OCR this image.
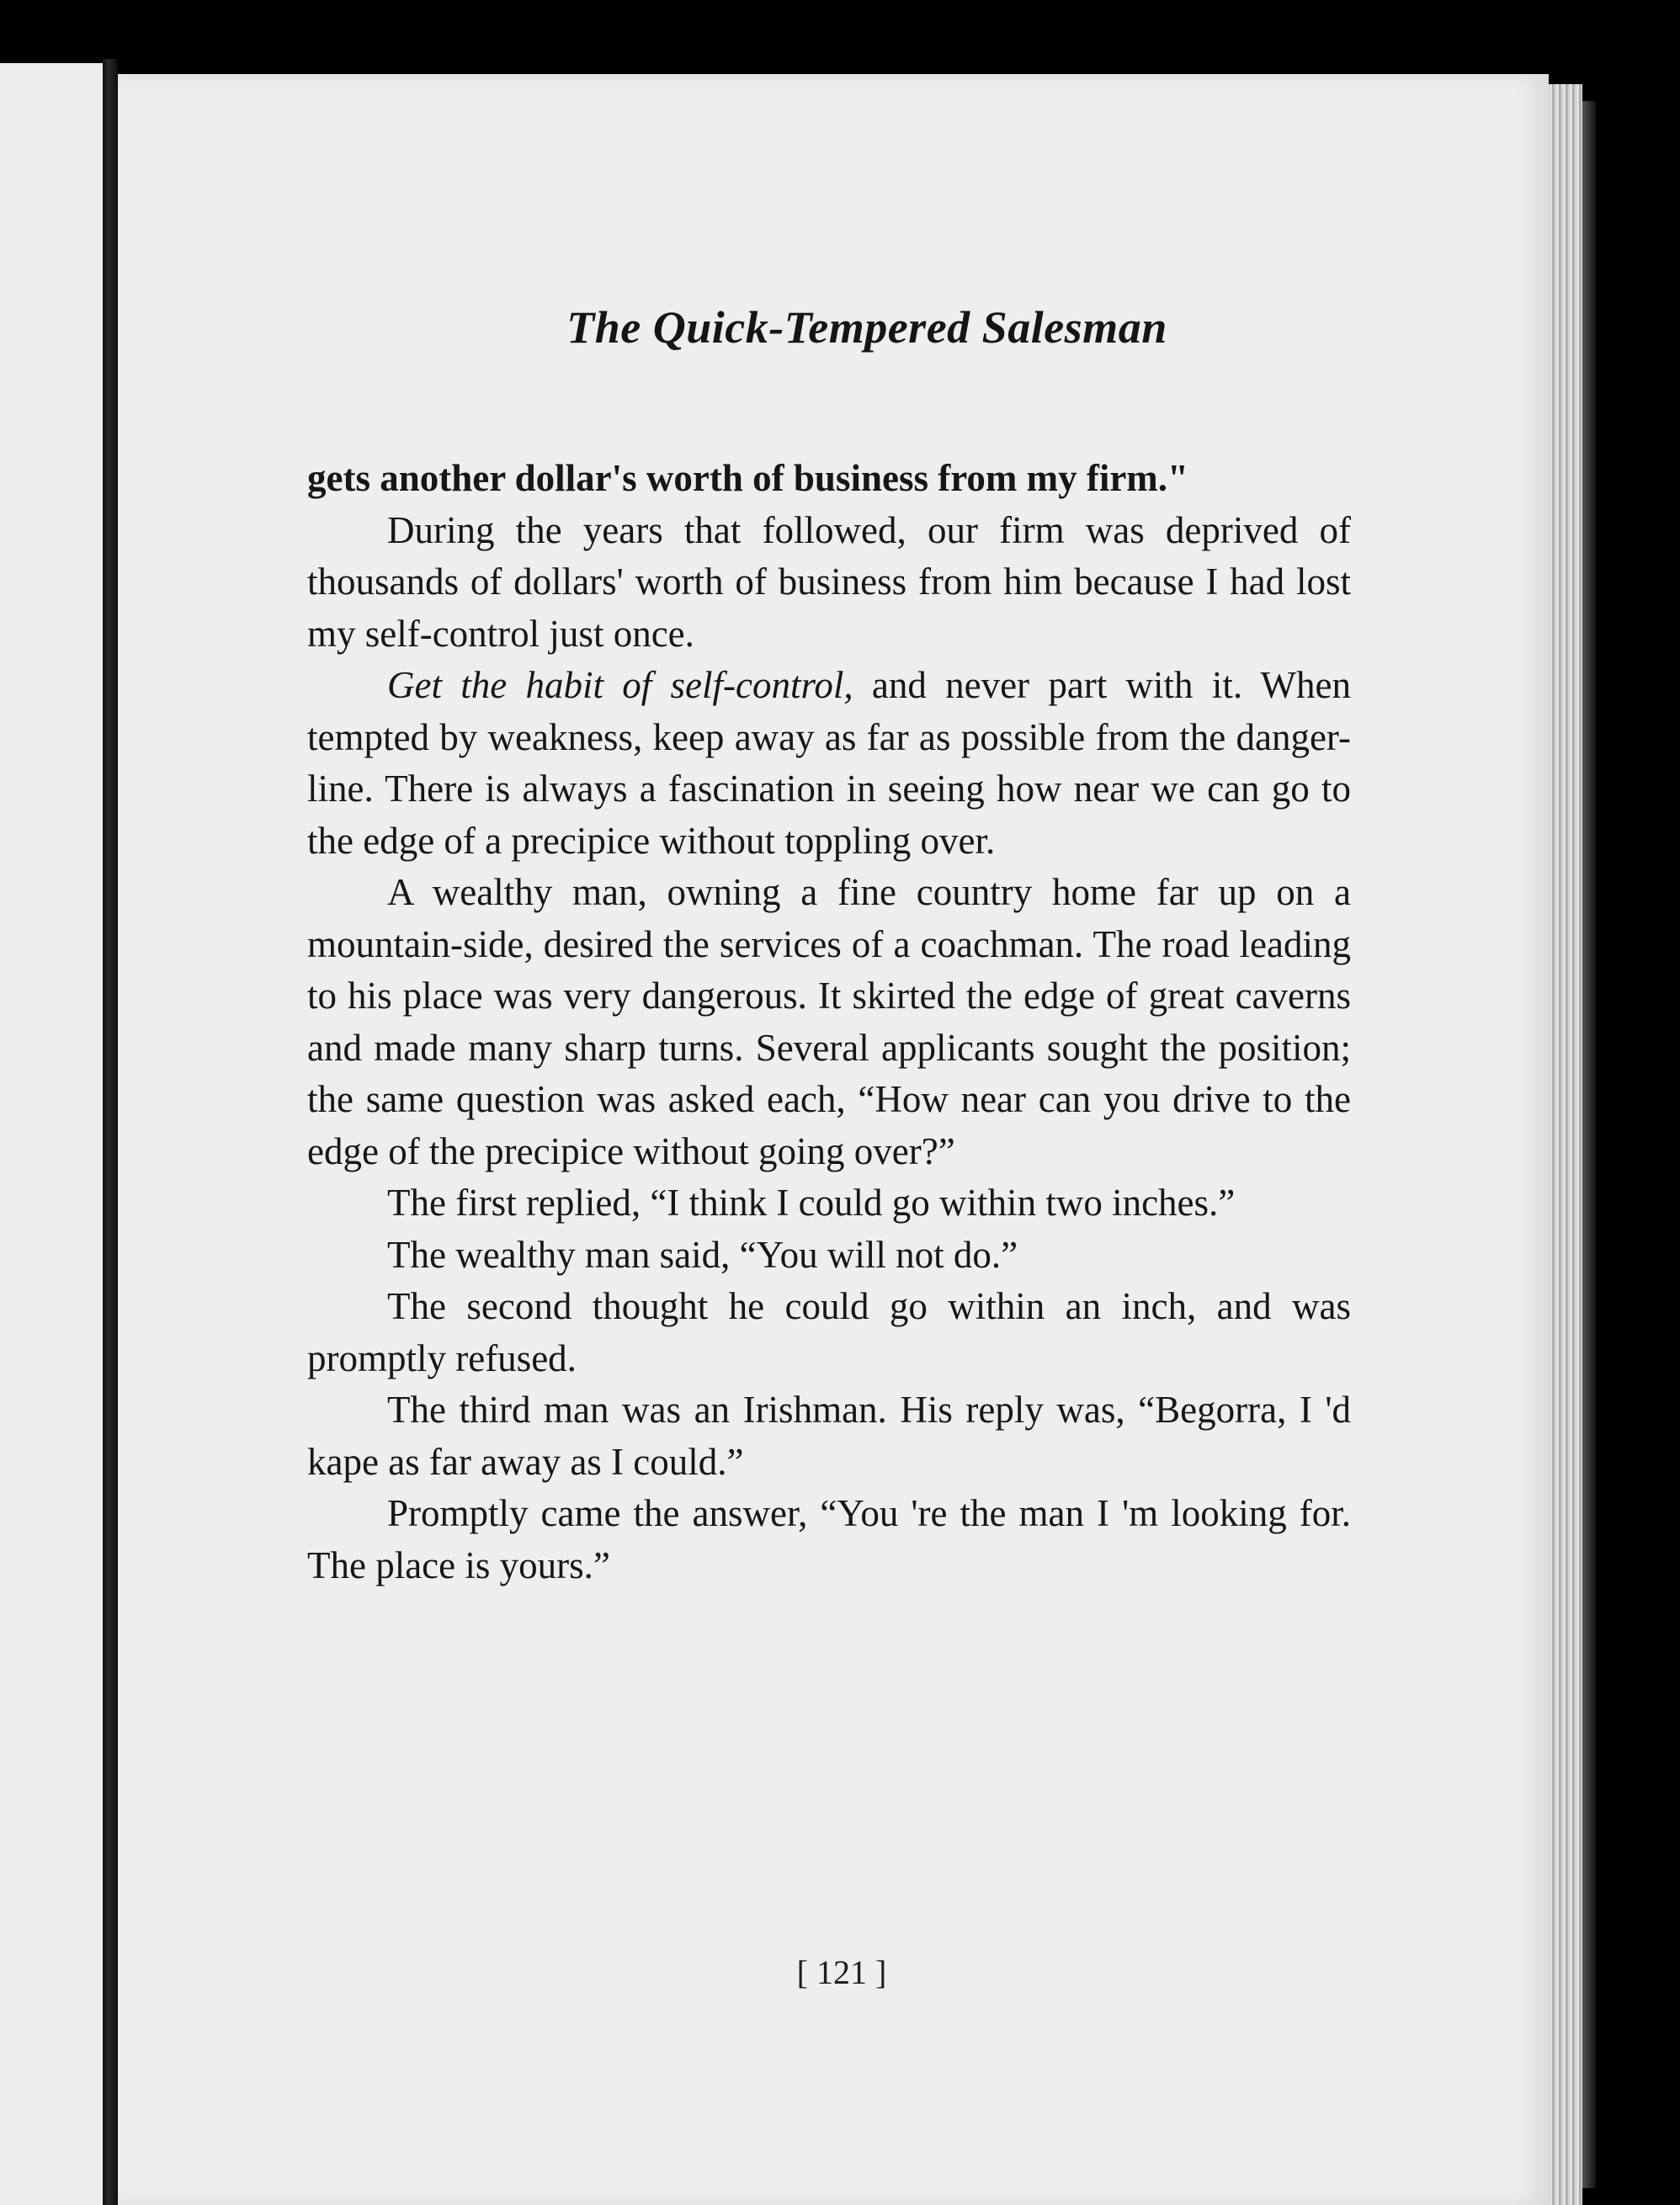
The Quick-Tempered Salesman

gets another dollar's worth of business from my firm."

During the years that followed, our firm was deprived of thousands of dollars' worth of business from him because I had lost my self-control just once.

Get the habit of self-control, and never part with it. When tempted by weakness, keep away as far as possible from the danger-line. There is always a fascination in seeing how near we can go to the edge of a precipice without toppling over.

A wealthy man, owning a fine country home far up on a mountain-side, desired the services of a coachman. The road leading to his place was very dangerous. It skirted the edge of great caverns and made many sharp turns. Several applicants sought the position; the same question was asked each, “How near can you drive to the edge of the precipice without going over?”

The first replied, “I think I could go within two inches.”

The wealthy man said, “You will not do.”

The second thought he could go within an inch, and was promptly refused.

The third man was an Irishman. His reply was, “Begorra, I 'd kape as far away as I could.”

Promptly came the answer, “You 're the man I 'm looking for. The place is yours.”

[ 121 ]
